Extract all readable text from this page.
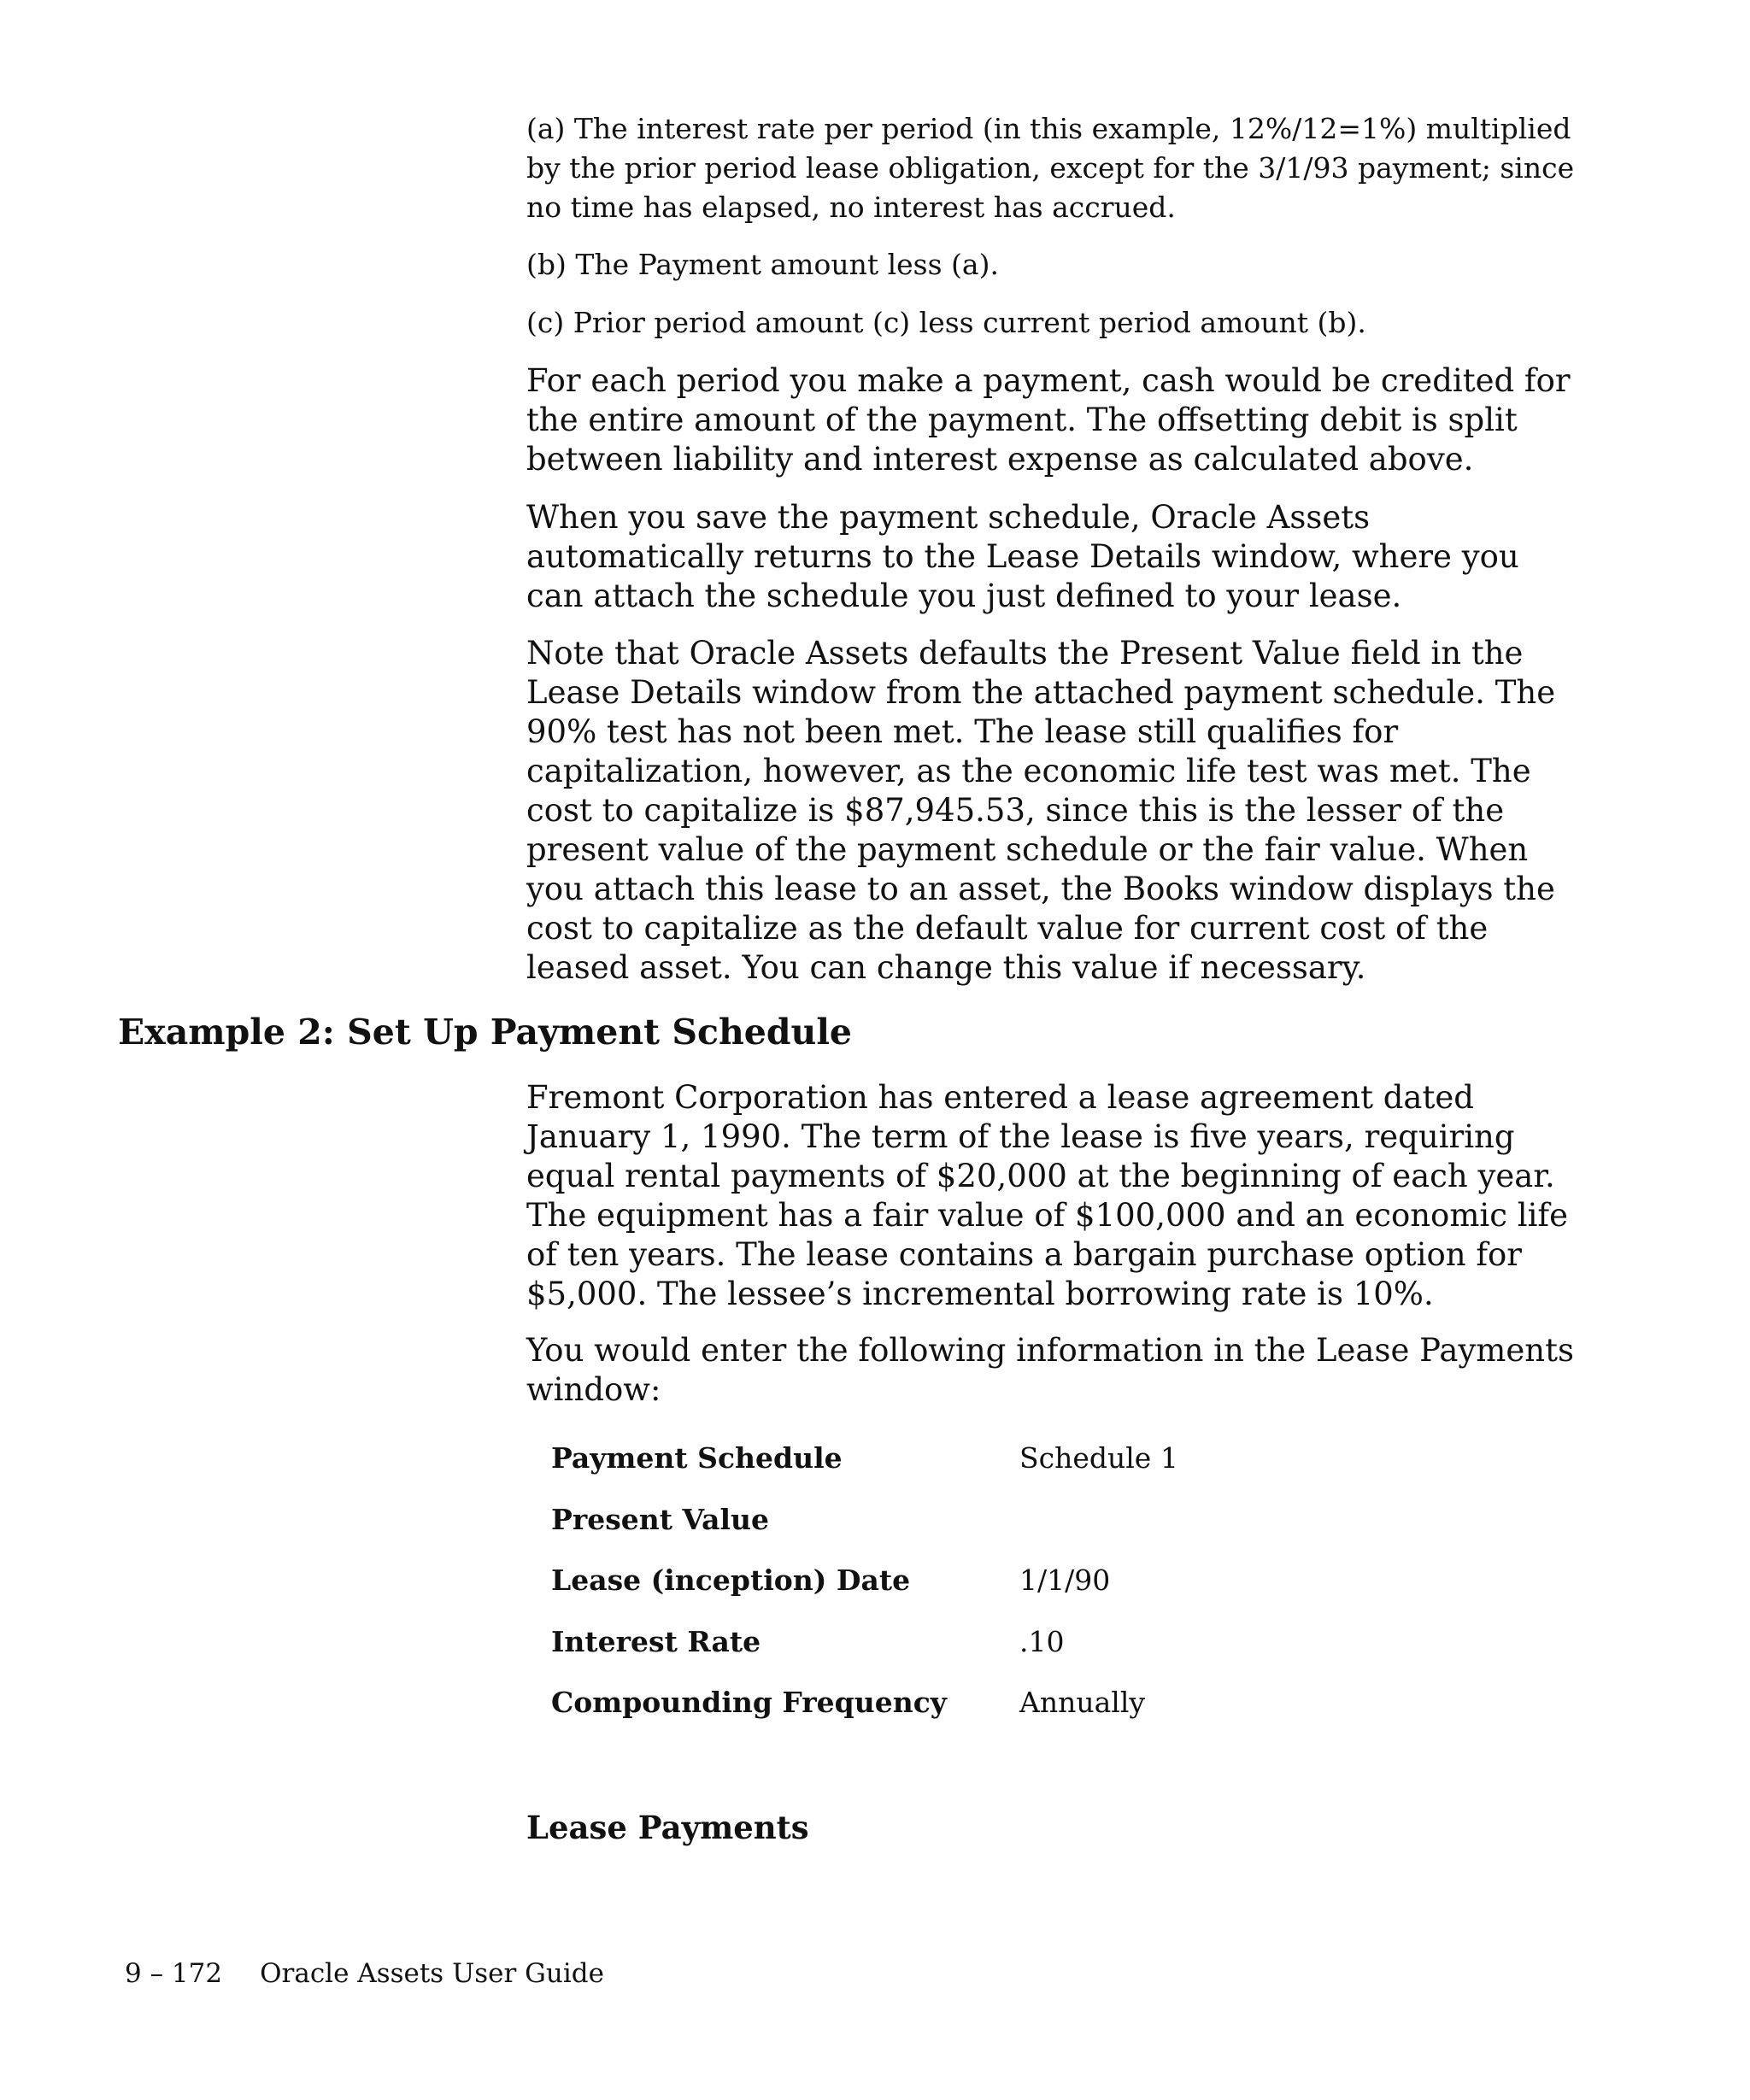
(a) The interest rate per period (in this example, 12%/12=1%) multiplied by the prior period lease obligation, except for the 3/1/93 payment; since no time has elapsed, no interest has accrued.

(b) The Payment amount less (a).

(c) Prior period amount (c) less current period amount (b).

For each period you make a payment, cash would be credited for the entire amount of the payment. The offsetting debit is split between liability and interest expense as calculated above.

When you save the payment schedule, Oracle Assets automatically returns to the Lease Details window, where you can attach the schedule you just defined to your lease.

Note that Oracle Assets defaults the Present Value field in the Lease Details window from the attached payment schedule. The 90% test has not been met. The lease still qualifies for capitalization, however, as the economic life test was met. The cost to capitalize is $87,945.53, since this is the lesser of the present value of the payment schedule or the fair value. When you attach this lease to an asset, the Books window displays the cost to capitalize as the default value for current cost of the leased asset. You can change this value if necessary.

Example 2: Set Up Payment Schedule

Fremont Corporation has entered a lease agreement dated January 1, 1990. The term of the lease is five years, requiring equal rental payments of $20,000 at the beginning of each year. The equipment has a fair value of $100,000 and an economic life of ten years. The lease contains a bargain purchase option for $5,000. The lessee’s incremental borrowing rate is 10%.

You would enter the following information in the Lease Payments window:

Payment Schedule	Schedule 1
Present Value
Lease (inception) Date	1/1/90
Interest Rate	.10
Compounding Frequency	Annually
Lease Payments
9 – 172 Oracle Assets User Guide
